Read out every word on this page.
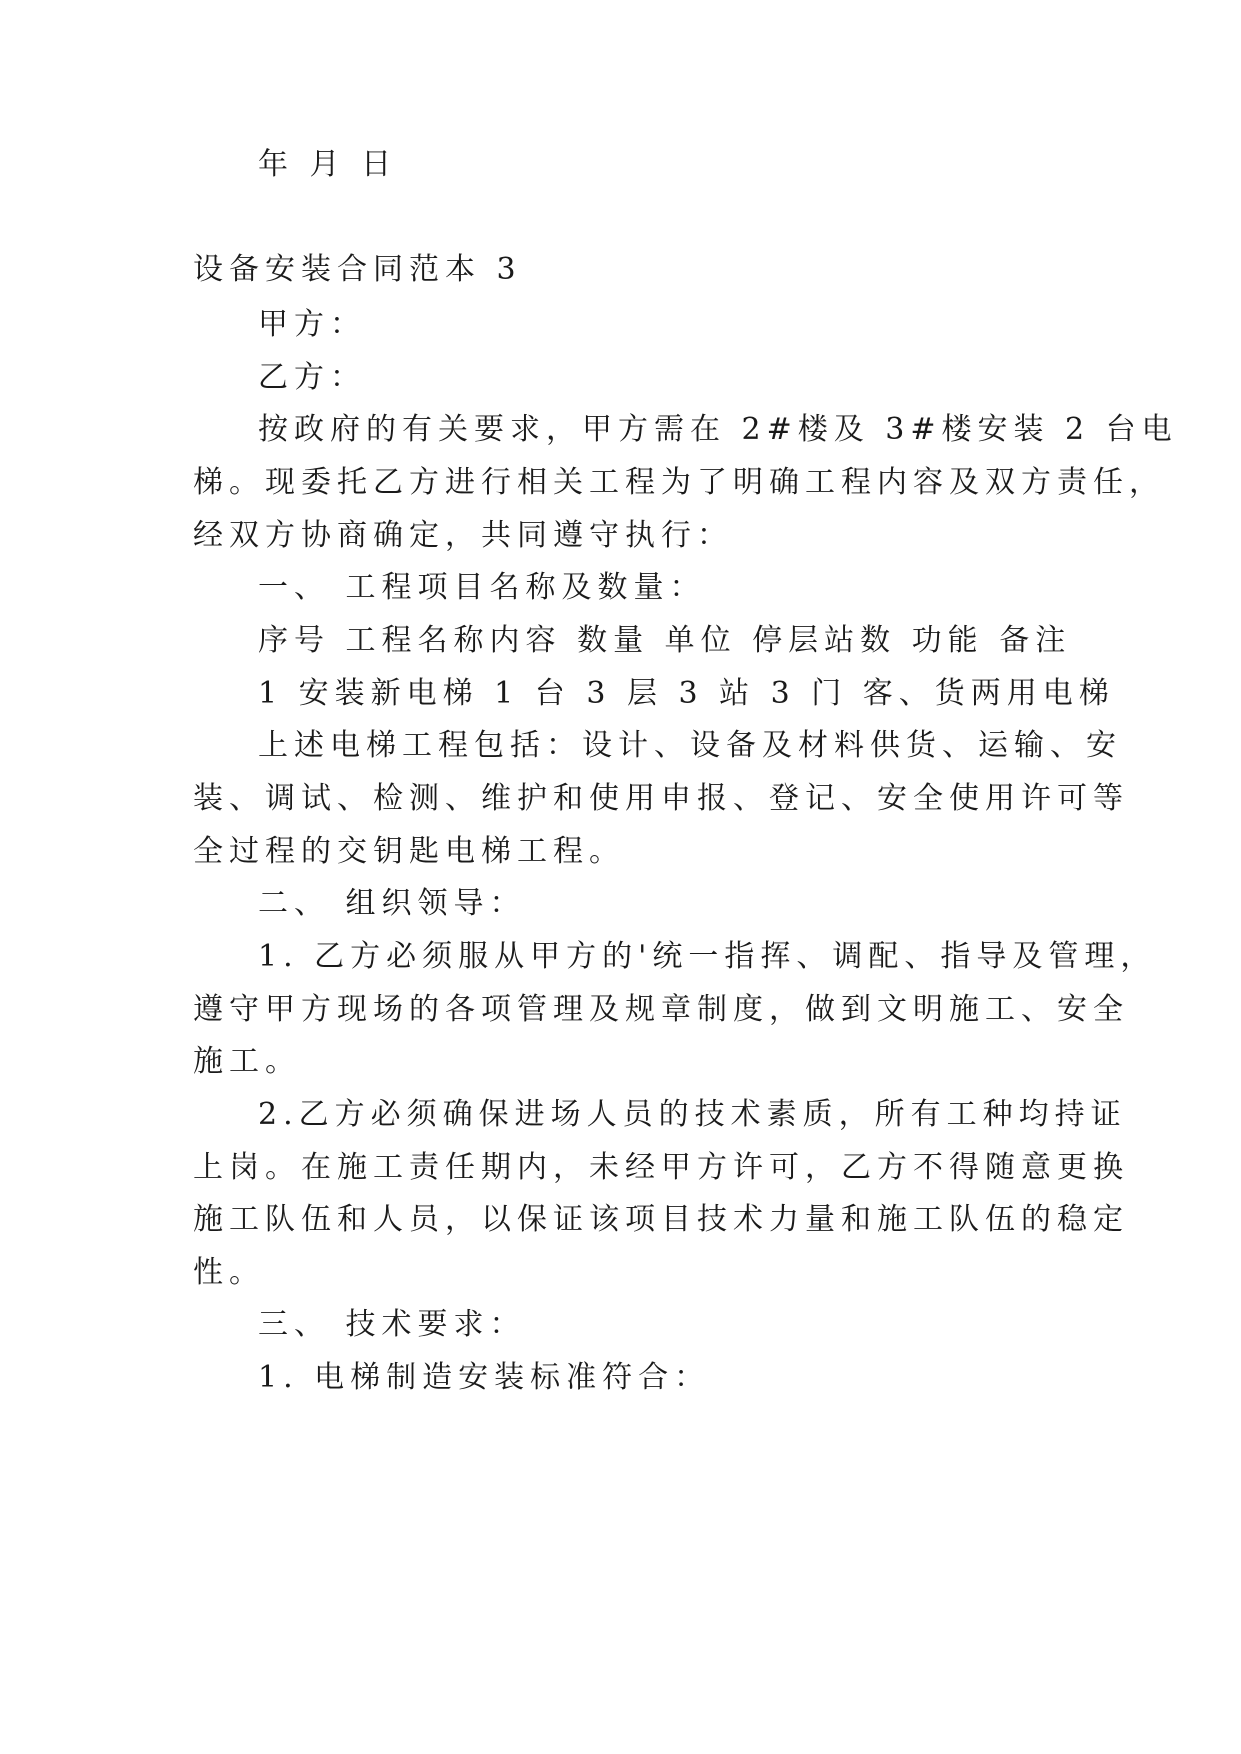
年 月 日
设备安装合同范本 3
甲方：
乙方：
按政府的有关要求，甲方需在 2#楼及 3#楼安装 2 台电
梯。现委托乙方进行相关工程为了明确工程内容及双方责任，
经双方协商确定，共同遵守执行：
一、 工程项目名称及数量：
序号 工程名称内容 数量 单位 停层站数 功能 备注
1 安装新电梯 1 台 3 层 3 站 3 门 客、货两用电梯
上述电梯工程包括：设计、设备及材料供货、运输、安
装、调试、检测、维护和使用申报、登记、安全使用许可等
全过程的交钥匙电梯工程。
二、 组织领导：
1. 乙方必须服从甲方的'统一指挥、调配、指导及管理，
遵守甲方现场的各项管理及规章制度，做到文明施工、安全
施工。
2.乙方必须确保进场人员的技术素质，所有工种均持证
上岗。在施工责任期内，未经甲方许可，乙方不得随意更换
施工队伍和人员，以保证该项目技术力量和施工队伍的稳定
性。
三、 技术要求：
1. 电梯制造安装标准符合：
